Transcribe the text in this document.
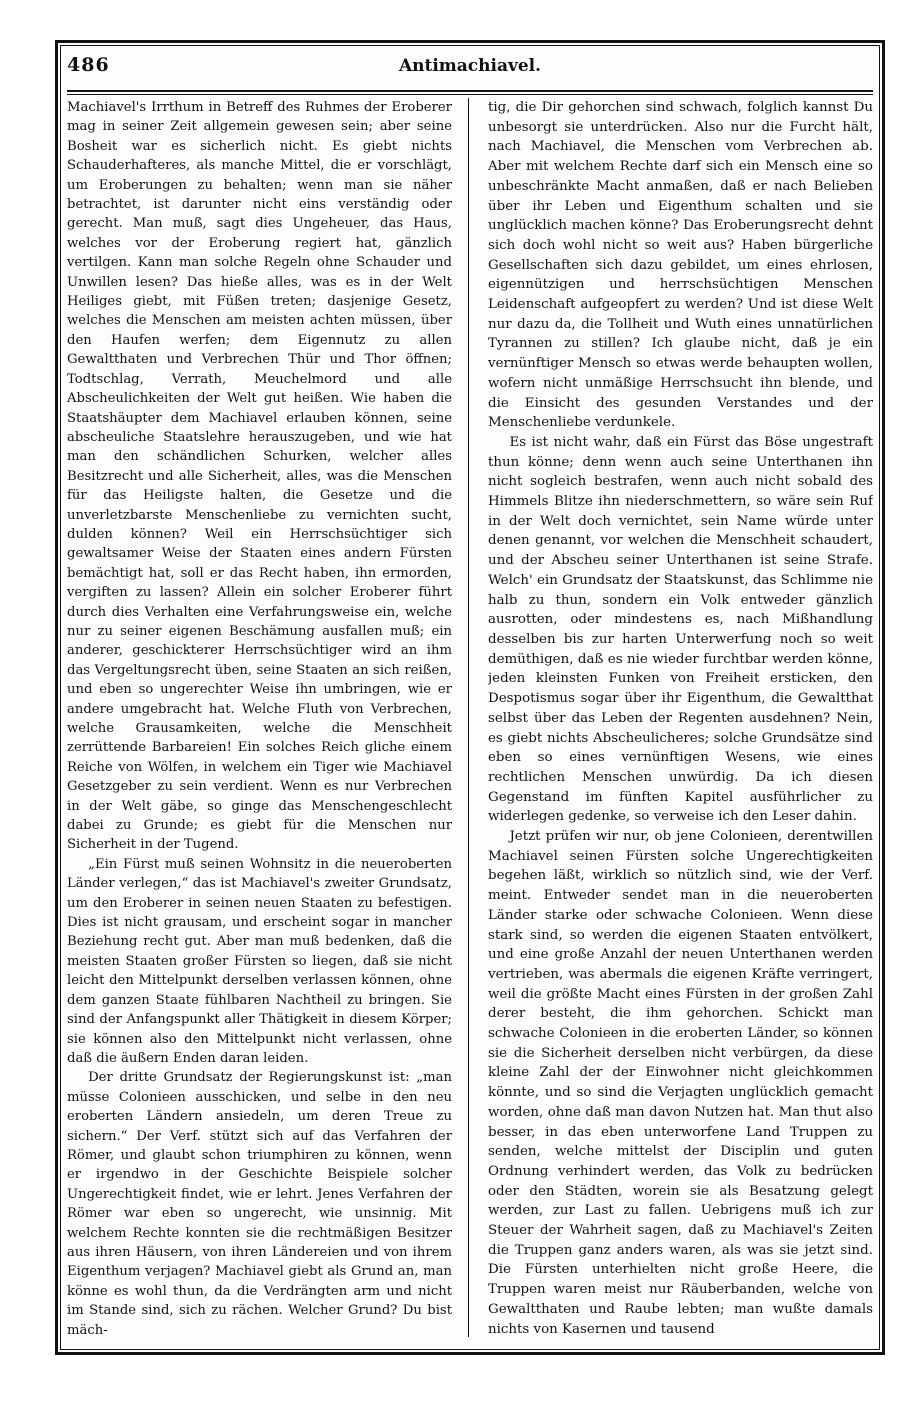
486	Antimachiavel.

Machiavel's Irrthum in Betreff des Ruhmes der Eroberer mag in seiner Zeit allgemein gewesen sein; aber seine Bosheit war es sicherlich nicht. Es giebt nichts Schauderhafteres, als manche Mittel, die er vorschlägt, um Eroberungen zu behalten; wenn man sie näher betrachtet, ist darunter nicht eins verständig oder gerecht. Man muß, sagt dies Ungeheuer, das Haus, welches vor der Eroberung regiert hat, gänzlich vertilgen. Kann man solche Regeln ohne Schauder und Unwillen lesen? Das hieße alles, was es in der Welt Heiliges giebt, mit Füßen treten; dasjenige Gesetz, welches die Menschen am meisten achten müssen, über den Haufen werfen; dem Eigennutz zu allen Gewaltthaten und Verbrechen Thür und Thor öffnen; Todtschlag, Verrath, Meuchelmord und alle Abscheulichkeiten der Welt gut heißen. Wie haben die Staatshäupter dem Machiavel erlauben können, seine abscheuliche Staatslehre herauszugeben, und wie hat man den schändlichen Schurken, welcher alles Besitzrecht und alle Sicherheit, alles, was die Menschen für das Heiligste halten, die Gesetze und die unverletzbarste Menschenliebe zu vernichten sucht, dulden können? Weil ein Herrschsüchtiger sich gewaltsamer Weise der Staaten eines andern Fürsten bemächtigt hat, soll er das Recht haben, ihn ermorden, vergiften zu lassen? Allein ein solcher Eroberer führt durch dies Verhalten eine Verfahrungsweise ein, welche nur zu seiner eigenen Beschämung ausfallen muß; ein anderer, geschickterer Herrschsüchtiger wird an ihm das Vergeltungsrecht üben, seine Staaten an sich reißen, und eben so ungerechter Weise ihn umbringen, wie er andere umgebracht hat. Welche Fluth von Verbrechen, welche Grausamkeiten, welche die Menschheit zerrüttende Barbareien! Ein solches Reich gliche einem Reiche von Wölfen, in welchem ein Tiger wie Machiavel Gesetzgeber zu sein verdient. Wenn es nur Verbrechen in der Welt gäbe, so ginge das Menschengeschlecht dabei zu Grunde; es giebt für die Menschen nur Sicherheit in der Tugend.

„Ein Fürst muß seinen Wohnsitz in die neueroberten Länder verlegen,“ das ist Machiavel's zweiter Grundsatz, um den Eroberer in seinen neuen Staaten zu befestigen. Dies ist nicht grausam, und erscheint sogar in mancher Beziehung recht gut. Aber man muß bedenken, daß die meisten Staaten großer Fürsten so liegen, daß sie nicht leicht den Mittelpunkt derselben verlassen können, ohne dem ganzen Staate fühlbaren Nachtheil zu bringen. Sie sind der Anfangspunkt aller Thätigkeit in diesem Körper; sie können also den Mittelpunkt nicht verlassen, ohne daß die äußern Enden daran leiden.

Der dritte Grundsatz der Regierungskunst ist: „man müsse Colonieen ausschicken, und selbe in den neu eroberten Ländern ansiedeln, um deren Treue zu sichern.“ Der Verf. stützt sich auf das Verfahren der Römer, und glaubt schon triumphiren zu können, wenn er irgendwo in der Geschichte Beispiele solcher Ungerechtigkeit findet, wie er lehrt. Jenes Verfahren der Römer war eben so ungerecht, wie unsinnig. Mit welchem Rechte konnten sie die rechtmäßigen Besitzer aus ihren Häusern, von ihren Ländereien und von ihrem Eigenthum verjagen? Machiavel giebt als Grund an, man könne es wohl thun, da die Verdrängten arm und nicht im Stande sind, sich zu rächen. Welcher Grund? Du bist mäch-

tig, die Dir gehorchen sind schwach, folglich kannst Du unbesorgt sie unterdrücken. Also nur die Furcht hält, nach Machiavel, die Menschen vom Verbrechen ab. Aber mit welchem Rechte darf sich ein Mensch eine so unbeschränkte Macht anmaßen, daß er nach Belieben über ihr Leben und Eigenthum schalten und sie unglücklich machen könne? Das Eroberungsrecht dehnt sich doch wohl nicht so weit aus? Haben bürgerliche Gesellschaften sich dazu gebildet, um eines ehrlosen, eigennützigen und herrschsüchtigen Menschen Leidenschaft aufgeopfert zu werden? Und ist diese Welt nur dazu da, die Tollheit und Wuth eines unnatürlichen Tyrannen zu stillen? Ich glaube nicht, daß je ein vernünftiger Mensch so etwas werde behaupten wollen, wofern nicht unmäßige Herrschsucht ihn blende, und die Einsicht des gesunden Verstandes und der Menschenliebe verdunkele.

Es ist nicht wahr, daß ein Fürst das Böse ungestraft thun könne; denn wenn auch seine Unterthanen ihn nicht sogleich bestrafen, wenn auch nicht sobald des Himmels Blitze ihn niederschmettern, so wäre sein Ruf in der Welt doch vernichtet, sein Name würde unter denen genannt, vor welchen die Menschheit schaudert, und der Abscheu seiner Unterthanen ist seine Strafe. Welch' ein Grundsatz der Staatskunst, das Schlimme nie halb zu thun, sondern ein Volk entweder gänzlich ausrotten, oder mindestens es, nach Mißhandlung desselben bis zur harten Unterwerfung noch so weit demüthigen, daß es nie wieder furchtbar werden könne, jeden kleinsten Funken von Freiheit ersticken, den Despotismus sogar über ihr Eigenthum, die Gewaltthat selbst über das Leben der Regenten ausdehnen? Nein, es giebt nichts Abscheulicheres; solche Grundsätze sind eben so eines vernünftigen Wesens, wie eines rechtlichen Menschen unwürdig. Da ich diesen Gegenstand im fünften Kapitel ausführlicher zu widerlegen gedenke, so verweise ich den Leser dahin.

Jetzt prüfen wir nur, ob jene Colonieen, derentwillen Machiavel seinen Fürsten solche Ungerechtigkeiten begehen läßt, wirklich so nützlich sind, wie der Verf. meint. Entweder sendet man in die neueroberten Länder starke oder schwache Colonieen. Wenn diese stark sind, so werden die eigenen Staaten entvölkert, und eine große Anzahl der neuen Unterthanen werden vertrieben, was abermals die eigenen Kräfte verringert, weil die größte Macht eines Fürsten in der großen Zahl derer besteht, die ihm gehorchen. Schickt man schwache Colonieen in die eroberten Länder, so können sie die Sicherheit derselben nicht verbürgen, da diese kleine Zahl der der Einwohner nicht gleichkommen könnte, und so sind die Verjagten unglücklich gemacht worden, ohne daß man davon Nutzen hat. Man thut also besser, in das eben unterworfene Land Truppen zu senden, welche mittelst der Disciplin und guten Ordnung verhindert werden, das Volk zu bedrücken oder den Städten, worein sie als Besatzung gelegt werden, zur Last zu fallen. Uebrigens muß ich zur Steuer der Wahrheit sagen, daß zu Machiavel's Zeiten die Truppen ganz anders waren, als was sie jetzt sind. Die Fürsten unterhielten nicht große Heere, die Truppen waren meist nur Räuberbanden, welche von Gewaltthaten und Raube lebten; man wußte damals nichts von Kasernen und tausend
